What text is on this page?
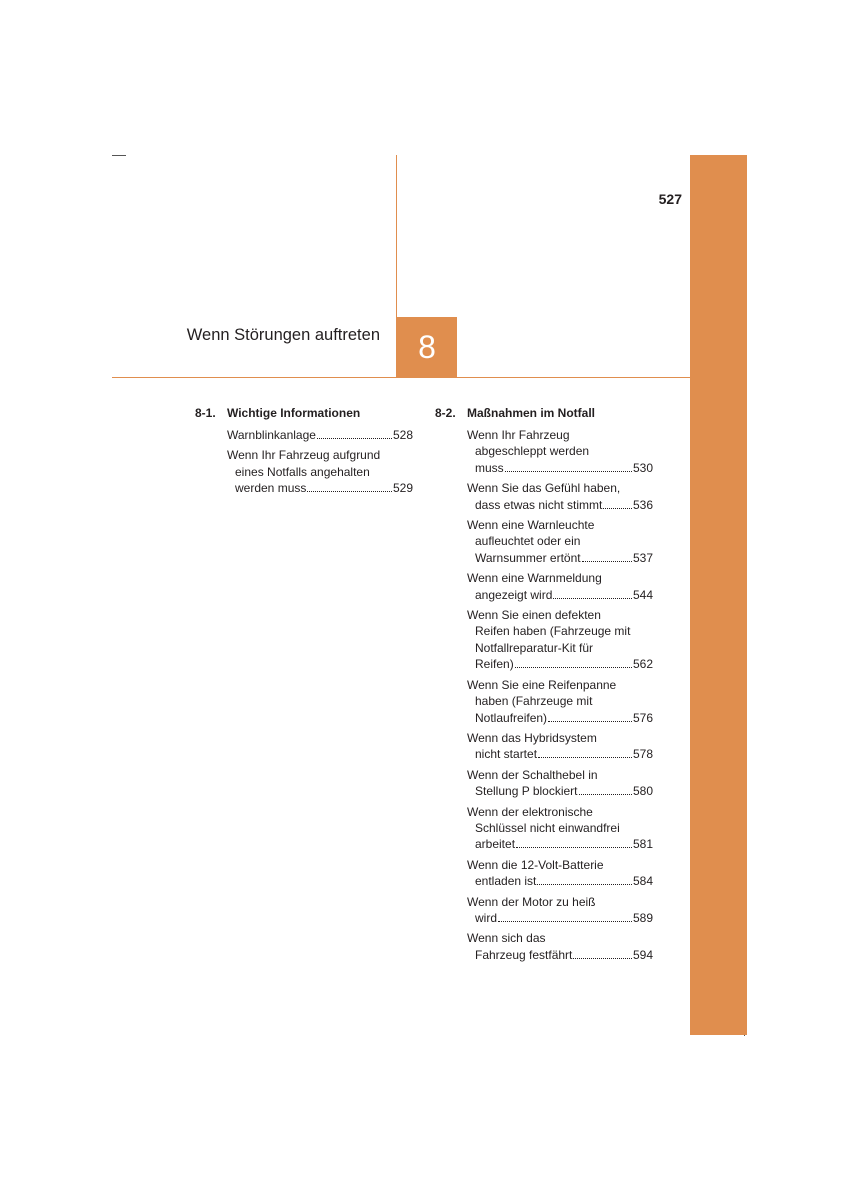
527
Wenn Störungen auftreten	8
8-1. Wichtige Informationen
Warnblinkanlage	528
Wenn Ihr Fahrzeug aufgrund
eines Notfalls angehalten
werden muss	529
8-2. Maßnahmen im Notfall
Wenn Ihr Fahrzeug
abgeschleppt werden
muss	530
Wenn Sie das Gefühl haben,
dass etwas nicht stimmt	536
Wenn eine Warnleuchte
aufleuchtet oder ein
Warnsummer ertönt	537
Wenn eine Warnmeldung
angezeigt wird	544
Wenn Sie einen defekten
Reifen haben (Fahrzeuge mit
Notfallreparatur-Kit für
Reifen)	562
Wenn Sie eine Reifenpanne
haben (Fahrzeuge mit
Notlaufreifen)	576
Wenn das Hybridsystem
nicht startet	578
Wenn der Schalthebel in
Stellung P blockiert	580
Wenn der elektronische
Schlüssel nicht einwandfrei
arbeitet	581
Wenn die 12-Volt-Batterie
entladen ist	584
Wenn der Motor zu heiß
wird	589
Wenn sich das
Fahrzeug festfährt	594
